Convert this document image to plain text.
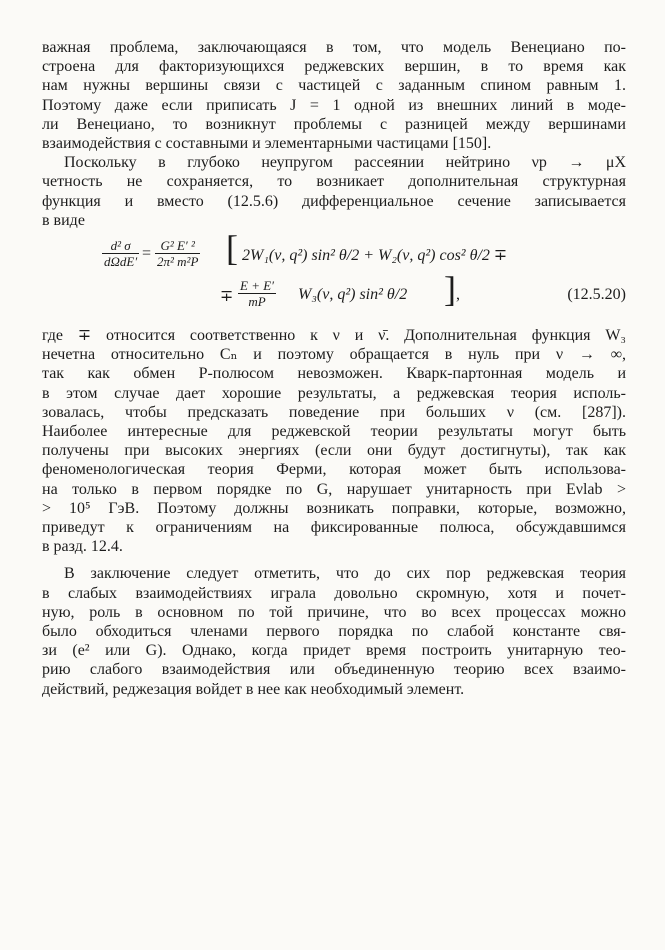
важная проблема, заключающаяся в том, что модель Венециано по-
строена для факторизующихся реджевских вершин, в то время как
нам нужны вершины связи с частицей с заданным спином равным 1.
Поэтому даже если приписать J = 1 одной из внешних линий в моде-
ли Венециано, то возникнут проблемы с разницей между вершинами
взаимодействия с составными и элементарными частицами [150].

Поскольку в глубоко неупругом рассеянии нейтрино νp → μX
четность не сохраняется, то возникает дополнительная структурная
функция и вместо (12.5.6) дифференциальное сечение записывается
в виде

d² σ
dΩdE′ = G² E′ ²
2π² m²P [ 2W₁(ν, q²) sin² θ/2 + W₂(ν, q²) cos² θ/2 ∓
∓
E + E′
mP W₃(ν, q²) sin² θ/2 ] ,	(12.5.20)

где ∓ относится соответственно к ν и ν̄. Дополнительная функция W₃
нечетна относительно Cₙ и поэтому обращается в нуль при ν → ∞,
так как обмен P-полюсом невозможен. Кварк-партонная модель и
в этом случае дает хорошие результаты, а реджевская теория исполь-
зовалась, чтобы предсказать поведение при больших ν (см. [287]).
Наиболее интересные для реджевской теории результаты могут быть
получены при высоких энергиях (если они будут достигнуты), так как
феноменологическая теория Ферми, которая может быть использова-
на только в первом порядке по G, нарушает унитарность при Eνlab >
> 10⁵ ГэВ. Поэтому должны возникать поправки, которые, возможно,
приведут к ограничениям на фиксированные полюса, обсуждавшимся
в разд. 12.4.

В заключение следует отметить, что до сих пор реджевская теория
в слабых взаимодействиях играла довольно скромную, хотя и почет-
ную, роль в основном по той причине, что во всех процессах можно
было обходиться членами первого порядка по слабой константе свя-
зи (e² или G). Однако, когда придет время построить унитарную тео-
рию слабого взаимодействия или объединенную теорию всех взаимо-
действий, реджезация войдет в нее как необходимый элемент.
